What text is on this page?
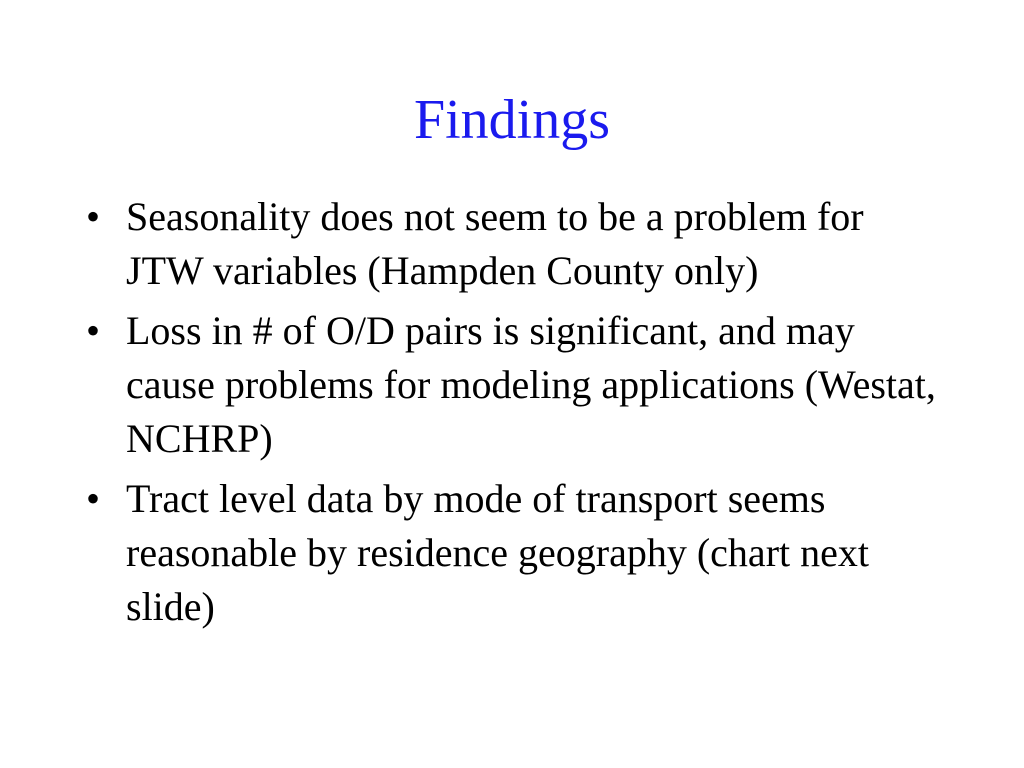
Findings
• Seasonality does not seem to be a problem for JTW variables (Hampden County only)
• Loss in # of O/D pairs is significant, and may cause problems for modeling applications (Westat, NCHRP)
• Tract level data by mode of transport seems reasonable by residence geography (chart next slide)
